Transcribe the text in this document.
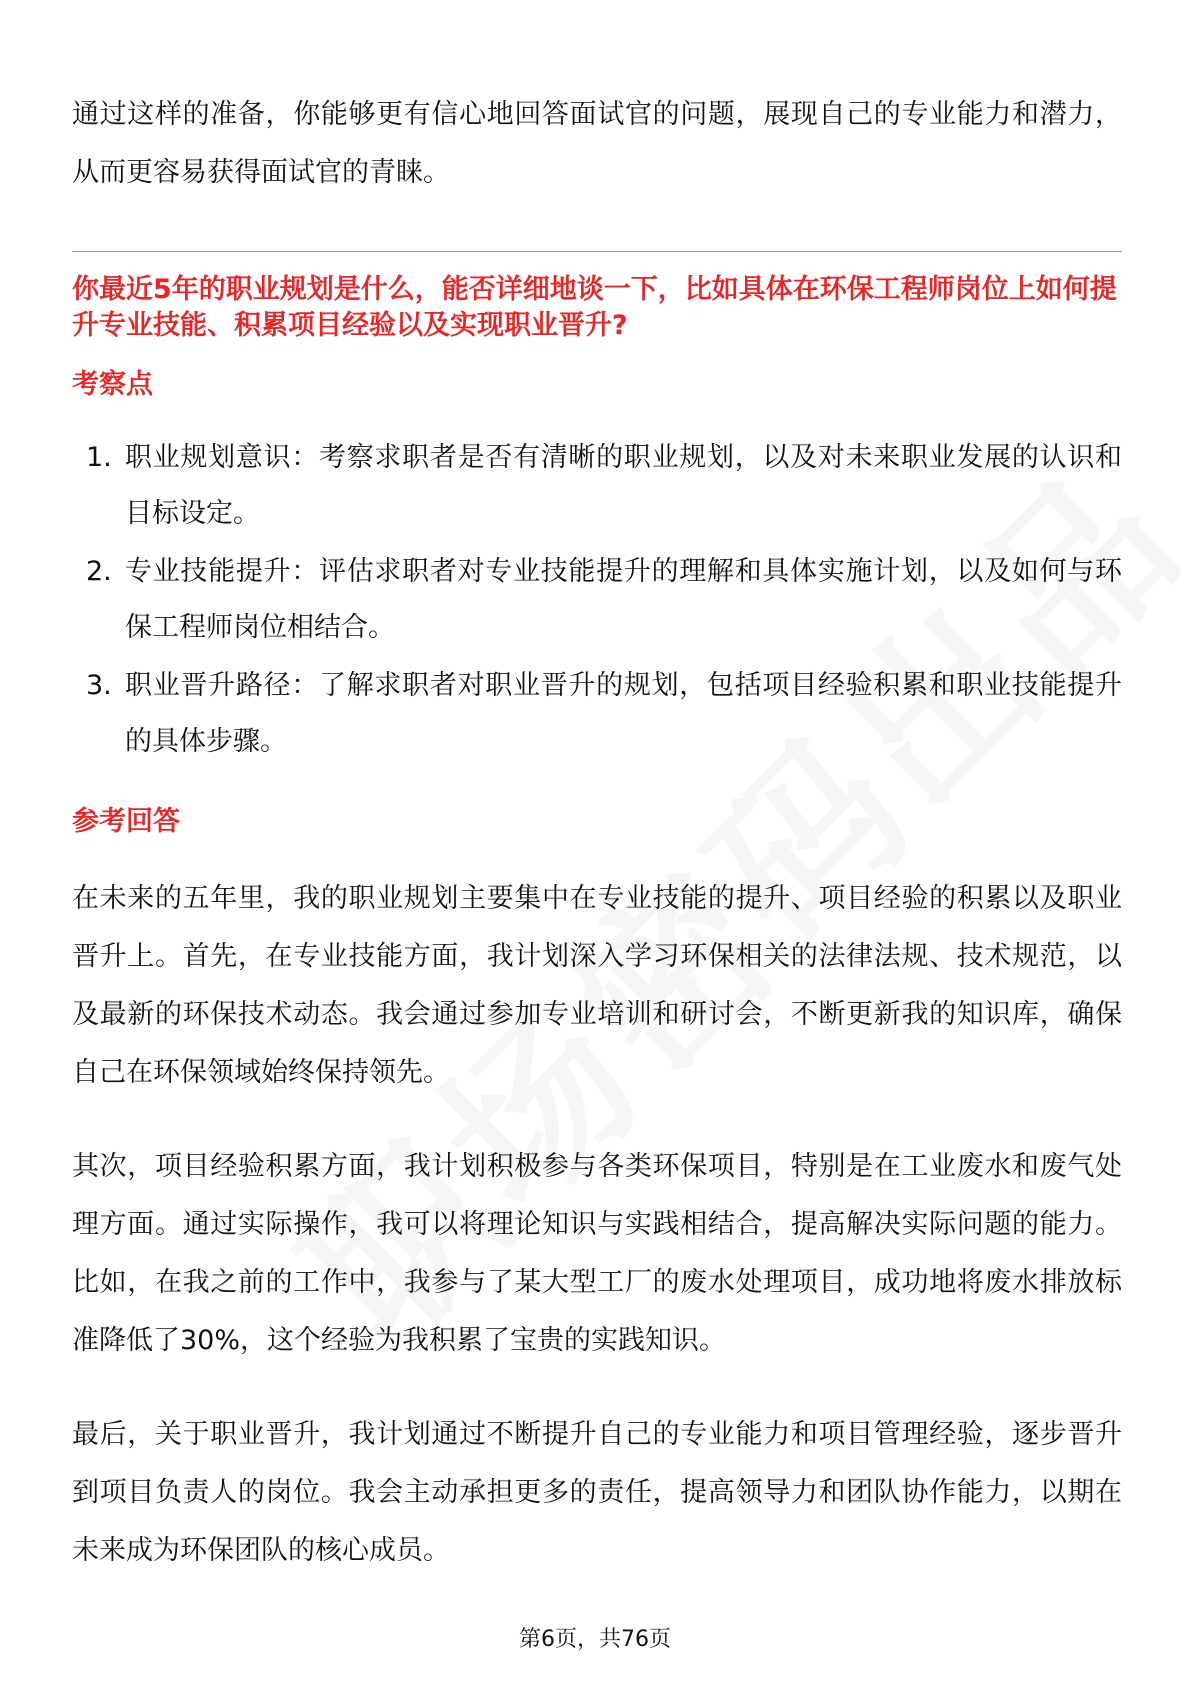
通过这样的准备，你能够更有信心地回答面试官的问题，展现自己的专业能力和潜力，从而更容易获得面试官的青睐。

你最近5年的职业规划是什么，能否详细地谈一下，比如具体在环保工程师岗位上如何提升专业技能、积累项目经验以及实现职业晋升?
考察点
1. 职业规划意识：考察求职者是否有清晰的职业规划，以及对未来职业发展的认识和目标设定。
2. 专业技能提升：评估求职者对专业技能提升的理解和具体实施计划，以及如何与环保工程师岗位相结合。
3. 职业晋升路径：了解求职者对职业晋升的规划，包括项目经验积累和职业技能提升的具体步骤。
参考回答

在未来的五年里，我的职业规划主要集中在专业技能的提升、项目经验的积累以及职业晋升上。首先，在专业技能方面，我计划深入学习环保相关的法律法规、技术规范，以及最新的环保技术动态。我会通过参加专业培训和研讨会，不断更新我的知识库，确保自己在环保领域始终保持领先。

其次，项目经验积累方面，我计划积极参与各类环保项目，特别是在工业废水和废气处理方面。通过实际操作，我可以将理论知识与实践相结合，提高解决实际问题的能力。比如，在我之前的工作中，我参与了某大型工厂的废水处理项目，成功地将废水排放标准降低了30%，这个经验为我积累了宝贵的实践知识。

最后，关于职业晋升，我计划通过不断提升自己的专业能力和项目管理经验，逐步晋升到项目负责人的岗位。我会主动承担更多的责任，提高领导力和团队协作能力，以期在未来成为环保团队的核心成员。

第6页，共76页
